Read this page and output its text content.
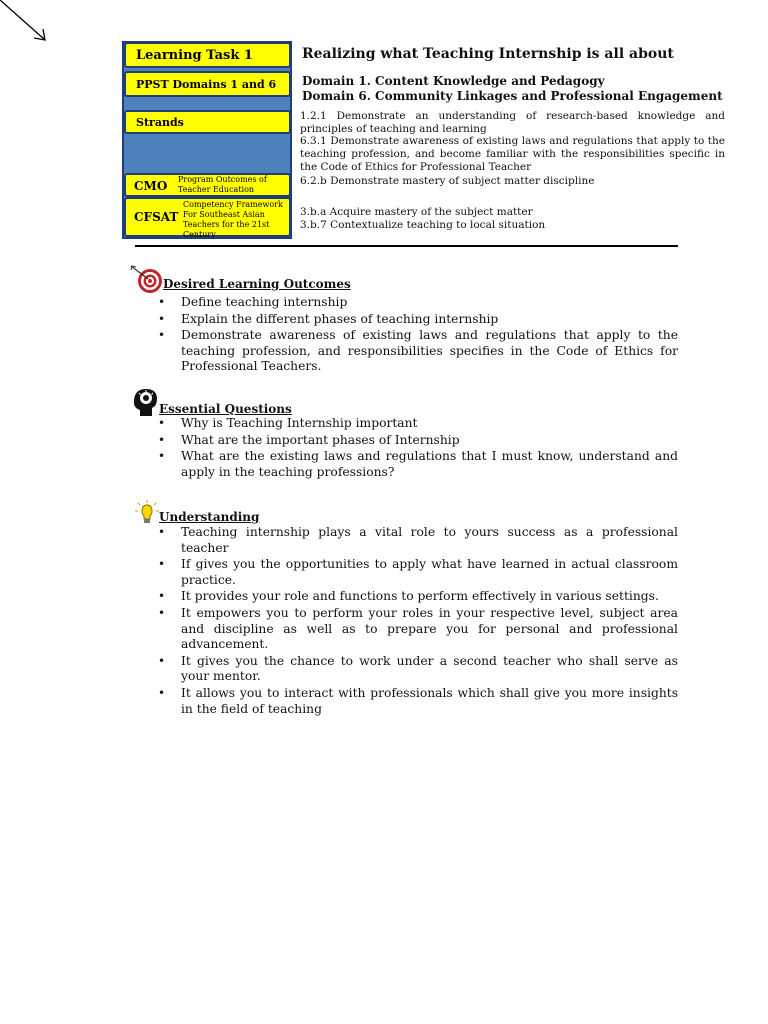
Learning Task 1
PPST Domains 1 and 6
Strands
CMO Program Outcomes of Teacher Education
CFSAT
Competency Framework For Southeast Asian Teachers for the 21st Century
Realizing what Teaching Internship is all about
Domain 1. Content Knowledge and Pedagogy
Domain 6. Community Linkages and Professional Engagement
1.2.1 Demonstrate an understanding of research-based knowledge and principles of teaching and learning
6.3.1 Demonstrate awareness of existing laws and regulations that apply to the teaching profession, and become familiar with the responsibilities specific in the Code of Ethics for Professional Teacher
6.2.b Demonstrate mastery of subject matter discipline
3.b.a Acquire mastery of the subject matter
3.b.7 Contextualize teaching to local situation
Desired Learning Outcomes
• Define teaching internship
• Explain the different phases of teaching internship
• Demonstrate awareness of existing laws and regulations that apply to the teaching profession, and responsibilities specifies in the Code of Ethics for Professional Teachers.
Essential Questions
• Why is Teaching Internship important
• What are the important phases of Internship
• What are the existing laws and regulations that I must know, understand and apply in the teaching professions?
Understanding
• Teaching internship plays a vital role to yours success as a professional teacher
• If gives you the opportunities to apply what have learned in actual classroom practice.
• It provides your role and functions to perform effectively in various settings.
• It empowers you to perform your roles in your respective level, subject area and discipline as well as to prepare you for personal and professional advancement.
• It gives you the chance to work under a second teacher who shall serve as your mentor.
• It allows you to interact with professionals which shall give you more insights in the field of teaching
